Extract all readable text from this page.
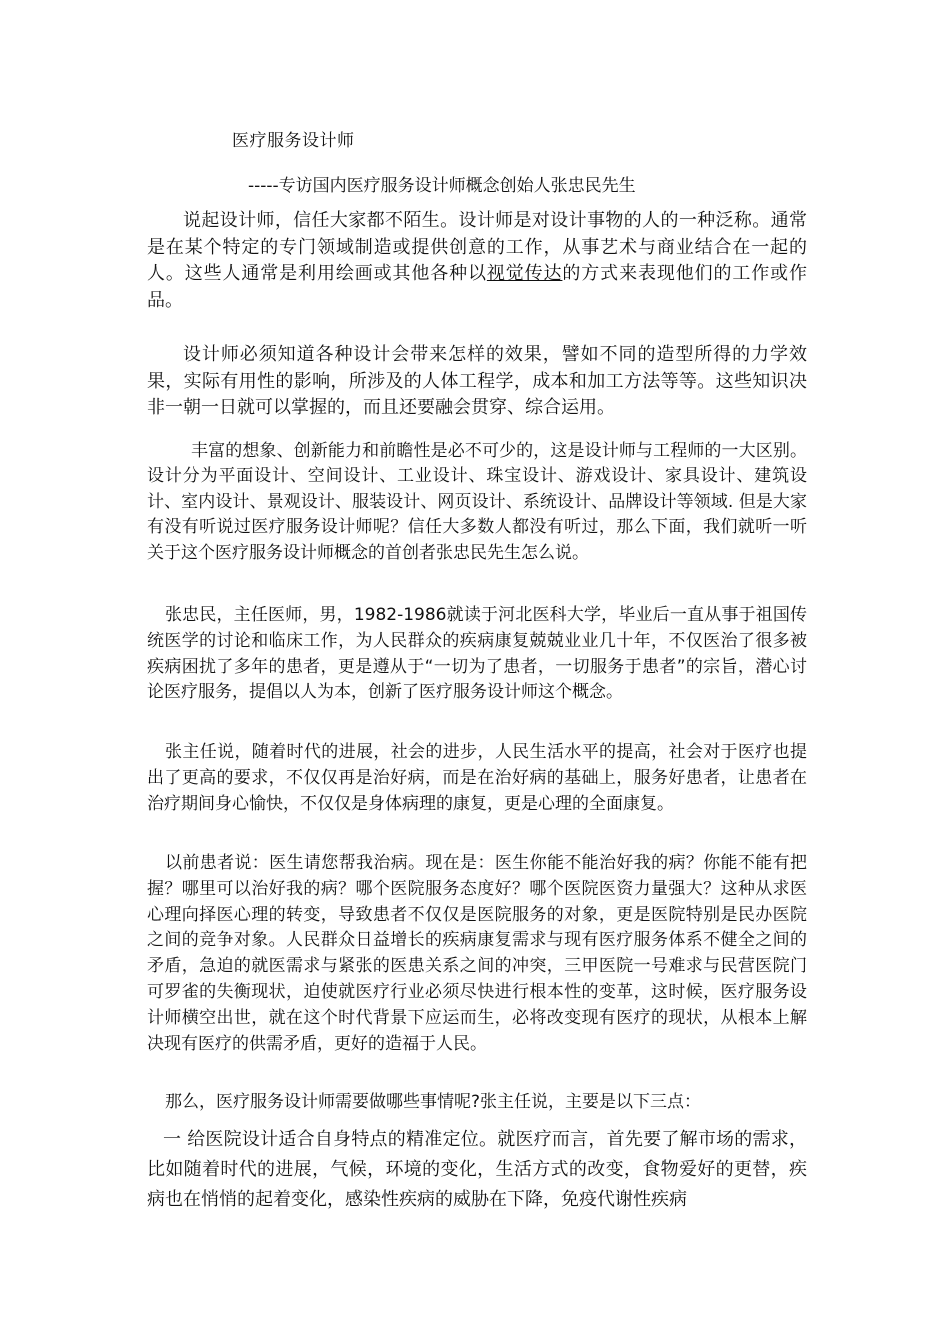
医疗服务设计师
-----专访国内医疗服务设计师概念创始人张忠民先生

说起设计师，信任大家都不陌生。设计师是对设计事物的人的一种泛称。通常是在某个特定的专门领域制造或提供创意的工作，从事艺术与商业结合在一起的人。这些人通常是利用绘画或其他各种以视觉传达的方式来表现他们的工作或作品。

设计师必须知道各种设计会带来怎样的效果，譬如不同的造型所得的力学效果，实际有用性的影响，所涉及的人体工程学，成本和加工方法等等。这些知识决非一朝一日就可以掌握的，而且还要融会贯穿、综合运用。

丰富的想象、创新能力和前瞻性是必不可少的，这是设计师与工程师的一大区别。设计分为平面设计、空间设计、工业设计、珠宝设计、游戏设计、家具设计、建筑设计、室内设计、景观设计、服装设计、网页设计、系统设计、品牌设计等领域. 但是大家有没有听说过医疗服务设计师呢？信任大多数人都没有听过，那么下面，我们就听一听关于这个医疗服务设计师概念的首创者张忠民先生怎么说。

张忠民，主任医师，男，1982-1986就读于河北医科大学，毕业后一直从事于祖国传统医学的讨论和临床工作，为人民群众的疾病康复兢兢业业几十年，不仅医治了很多被疾病困扰了多年的患者，更是遵从于“一切为了患者，一切服务于患者”的宗旨，潜心讨论医疗服务，提倡以人为本，创新了医疗服务设计师这个概念。

张主任说，随着时代的进展，社会的进步，人民生活水平的提高，社会对于医疗也提出了更高的要求，不仅仅再是治好病，而是在治好病的基础上，服务好患者，让患者在治疗期间身心愉快，不仅仅是身体病理的康复，更是心理的全面康复。

以前患者说：医生请您帮我治病。现在是：医生你能不能治好我的病？你能不能有把握？哪里可以治好我的病？哪个医院服务态度好？哪个医院医资力量强大？这种从求医心理向择医心理的转变，导致患者不仅仅是医院服务的对象，更是医院特别是民办医院之间的竞争对象。人民群众日益增长的疾病康复需求与现有医疗服务体系不健全之间的矛盾，急迫的就医需求与紧张的医患关系之间的冲突，三甲医院一号难求与民营医院门可罗雀的失衡现状，迫使就医疗行业必须尽快进行根本性的变革，这时候，医疗服务设计师横空出世，就在这个时代背景下应运而生，必将改变现有医疗的现状，从根本上解决现有医疗的供需矛盾，更好的造福于人民。

那么，医疗服务设计师需要做哪些事情呢?张主任说，主要是以下三点：

一 给医院设计适合自身特点的精准定位。就医疗而言，首先要了解市场的需求，比如随着时代的进展，气候，环境的变化，生活方式的改变，食物爱好的更替，疾病也在悄悄的起着变化，感染性疾病的威胁在下降，免疫代谢性疾病
